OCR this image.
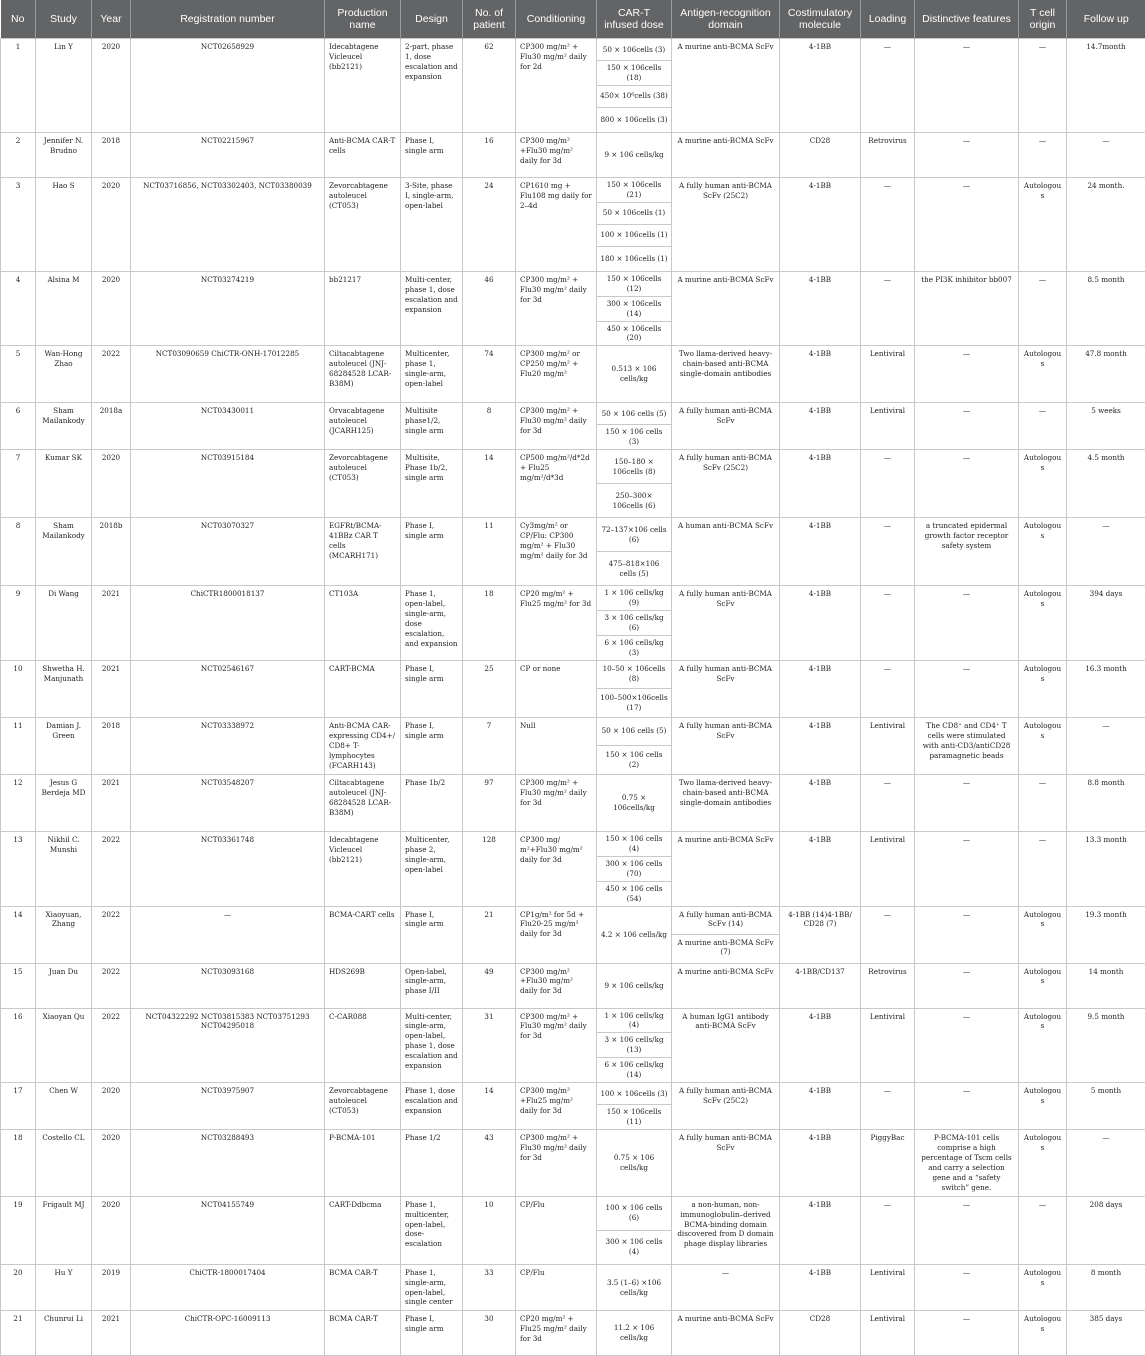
No	Study	Year	Registration number	Production name	Design	No. of patient	Conditioning	CAR-T infused dose	Antigen-recognition domain	Costimulatory molecule	Loading	Distinctive features	T cell origin	Follow up
1	Lin Y	2020	NCT02658929	Idecabtagene Vicleucel (bb2121)	2-part, phase 1, dose escalation and expansion	62	CP300 mg/m² + Flu30 mg/m² daily for 2d	50 × 106cells (3)	A murine anti-BCMA ScFv	4-1BB	—	—	—	14.7month
								150 × 106cells (18)						
								450× 10⁶cells (38)						
								800 × 106cells (3)						
2	Jennifer N. Brudno	2018	NCT02215967	Anti-BCMA CAR-T cells	Phase I, single arm	16	CP300 mg/m² +Flu30 mg/m² daily for 3d	9 × 106 cells/kg	A murine anti-BCMA ScFv	CD28	Retrovirus	—	—	—
3	Hao S	2020	NCT03716856, NCT03302403, NCT03380039	Zevorcabtagene autoleucel (CT053)	3-Site, phase I, single-arm, open-label	24	CP1610 mg + Flu108 mg daily for 2–4d	150 × 106cells (21)	A fully human anti-BCMA ScFv (25C2)	4-1BB	—	—	Autologous	24 month.
								50 × 106cells (1)						
								100 × 106cells (1)						
								180 × 106cells (1)						
4	Alsina M	2020	NCT03274219	bb21217	Multi-center, phase 1, dose escalation and expansion	46	CP300 mg/m² + Flu30 mg/m² daily for 3d	150 × 106cells (12)	A murine anti-BCMA ScFv	4-1BB	—	the PI3K inhibitor bb007	—	8.5 month
								300 × 106cells (14)						
								450 × 106cells (20)						
5	Wan-Hong Zhao	2022	NCT03090659 ChiCTR-ONH-17012285	Ciltacabtagene autoleucel (JNJ-68284528 LCAR-B38M)	Multicenter, phase 1, single-arm, open-label	74	CP300 mg/m² or CP250 mg/m² + Flu20 mg/m²	0.513 × 106 cells/kg	Two llama-derived heavy-chain-based anti-BCMA single-domain antibodies	4-1BB	Lentiviral	—	Autologous	47.8 month
6	Sham Mailankody	2018a	NCT03430011	Orvacabtagene autoleucel (JCARH125)	Multisite phase1/2, single arm	8	CP300 mg/m² + Flu30 mg/m² daily for 3d	50 × 106 cells (5)	A fully human anti-BCMA ScFv	4-1BB	Lentiviral	—	—	5 weeks
								150 × 106 cells (3)						
7	Kumar SK	2020	NCT03915184	Zevorcabtagene autoleucel (CT053)	Multisite, Phase 1b/2, single arm	14	CP500 mg/m²/d*2d + Flu25 mg/m²/d*3d	150–180 × 106cells (8)	A fully human anti-BCMA ScFv (25C2)	4-1BB	—	—	Autologous	4.5 month
								250–300× 106cells (6)						
8	Sham Mailankody	2018b	NCT03070327	EGFRt/BCMA-41BBz CAR T cells (MCARH171)	Phase I, single arm	11	Cy3mg/m² or CP/Flu: CP300 mg/m² + Flu30 mg/m² daily for 3d	72–137×106 cells (6)	A human anti-BCMA ScFv	4-1BB	—	a truncated epidermal growth factor receptor safety system	Autologous	—
								475–818×106 cells (5)						
9	Di Wang	2021	ChiCTR1800018137	CT103A	Phase 1, open-label, single-arm, dose escalation, and expansion	18	CP20 mg/m² + Flu25 mg/m² for 3d	1 × 106 cells/kg (9)	A fully human anti-BCMA ScFv	4-1BB	—	—	Autologous	394 days
								3 × 106 cells/kg (6)						
								6 × 106 cells/kg (3)						
10	Shwetha H. Manjunath	2021	NCT02546167	CART-BCMA	Phase I, single arm	25	CP or none	10–50 × 106cells (8)	A fully human anti-BCMA ScFv	4-1BB	—	—	Autologous	16.3 month
								100–500×106cells (17)						
11	Damian J. Green	2018	NCT03338972	Anti-BCMA CAR-expressing CD4+/ CD8+ T-lymphocytes (FCARH143)	Phase I, single arm	7	Null	50 × 106 cells (5)	A fully human anti-BCMA ScFv	4-1BB	Lentiviral	The CD8⁺ and CD4⁺ T cells were stimulated with anti-CD3/antiCD28 paramagnetic beads	Autologous	—
								150 × 106 cells (2)						
12	Jesus G Berdeja MD	2021	NCT03548207	Ciltacabtagene autoleucel (JNJ-68284528 LCAR-B38M)	Phase 1b/2	97	CP300 mg/m² + Flu30 mg/m² daily for 3d	0.75 × 106cells/kg	Two llama-derived heavy-chain-based anti-BCMA single-domain antibodies	4-1BB	—	—	—	8.8 month
13	Nikhil C. Munshi	2022	NCT03361748	Idecabtagene Vicleucel (bb2121)	Multicenter, phase 2, single-arm, open-label	128	CP300 mg/ m²+Flu30 mg/m² daily for 3d	150 × 106 cells (4)	A murine anti-BCMA ScFv	4-1BB	Lentiviral	—	—	13.3 month
								300 × 106 cells (70)						
								450 × 106 cells (54)						
14	Xiaoyuan, Zhang	2022	—	BCMA-CART cells	Phase I, single arm	21	CP1g/m² for 5d + Flu20-25 mg/m² daily for 3d	4.2 × 106 cells/kg	A fully human anti-BCMA ScFv (14)	4-1BB (14)4-1BB/ CD28 (7)	—	—	Autologous	19.3 month
									A murine anti-BCMA ScFv (7)					
15	Juan Du	2022	NCT03093168	HDS269B	Open-label, single-arm, phase I/II	49	CP300 mg/m² +Flu30 mg/m² daily for 3d	9 × 106 cells/kg	A murine anti-BCMA ScFv	4-1BB/CD137	Retrovirus	—	Autologous	14 month
16	Xiaoyan Qu	2022	NCT04322292 NCT03815383 NCT03751293 NCT04295018	C-CAR088	Multi-center, single-arm, open-label, phase 1, dose escalation and expansion	31	CP300 mg/m² + Flu30 mg/m² daily for 3d	1 × 106 cells/kg (4)	A human IgG1 antibody anti-BCMA ScFv	4-1BB	Lentiviral	—	Autologous	9.5 month
								3 × 106 cells/kg (13)						
								6 × 106 cells/kg (14)						
17	Chen W	2020	NCT03975907	Zevorcabtagene autoleucel (CT053)	Phase 1, dose escalation and expansion	14	CP300 mg/m² +Flu25 mg/m² daily for 3d	100 × 106cells (3)	A fully human anti-BCMA ScFv (25C2)	4-1BB	—	—	Autologous	5 month
								150 × 106cells (11)						
18	Costello CL	2020	NCT03288493	P-BCMA-101	Phase 1/2	43	CP300 mg/m² + Flu30 mg/m² daily for 3d	0.75 × 106 cells/kg	A fully human anti-BCMA ScFv	4-1BB	PiggyBac	P-BCMA-101 cells comprise a high percentage of Tscm cells and carry a selection gene and a “safety switch” gene.	Autologous	—
19	Frigault MJ	2020	NCT04155749	CART-Ddbcma	Phase 1, multicenter, open-label, dose-escalation	10	CP/Flu	100 × 106 cells (6)	a non-human, non-immunoglobulin–derived BCMA-binding domain discovered from D domain phage display libraries	4-1BB	—	—	—	208 days
								300 × 106 cells (4)						
20	Hu Y	2019	ChiCTR-1800017404	BCMA CAR-T	Phase 1, single-arm, open-label, single center	33	CP/Flu	3.5 (1–6) ×106 cells/kg	—	4-1BB	Lentiviral	—	Autologous	8 month
21	Chunrui Li	2021	ChiCTR-OPC-16009113	BCMA CAR-T	Phase I, single arm	30	CP20 mg/m² + Flu25 mg/m² daily for 3d	11.2 × 106 cells/kg	A murine anti-BCMA ScFv	CD28	Lentiviral	—	Autologous	385 days
